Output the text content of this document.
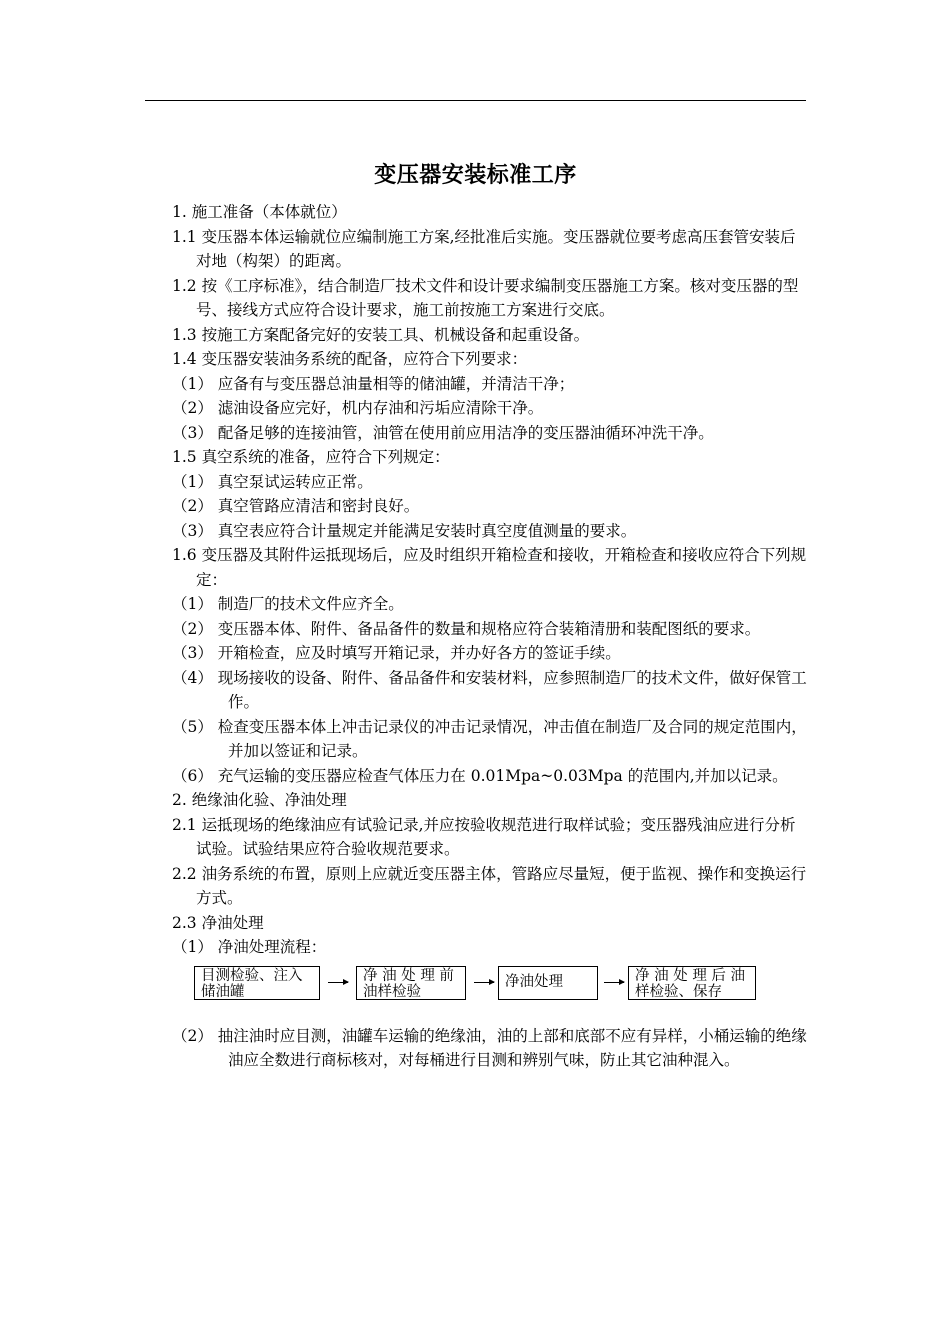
变压器安装标准工序

1. 施工准备（本体就位）

1.1 变压器本体运输就位应编制施工方案,经批准后实施。变压器就位要考虑高压套管安装后对地（构架）的距离。

1.2 按《工序标准》，结合制造厂技术文件和设计要求编制变压器施工方案。核对变压器的型号、接线方式应符合设计要求，施工前按施工方案进行交底。

1.3 按施工方案配备完好的安装工具、机械设备和起重设备。

1.4 变压器安装油务系统的配备，应符合下列要求：

（1） 应备有与变压器总油量相等的储油罐，并清洁干净；

（2） 滤油设备应完好，机内存油和污垢应清除干净。

（3） 配备足够的连接油管，油管在使用前应用洁净的变压器油循环冲洗干净。

1.5 真空系统的准备，应符合下列规定：

（1） 真空泵试运转应正常。

（2） 真空管路应清洁和密封良好。

（3） 真空表应符合计量规定并能满足安装时真空度值测量的要求。

1.6 变压器及其附件运抵现场后，应及时组织开箱检查和接收，开箱检查和接收应符合下列规定：

（1） 制造厂的技术文件应齐全。

（2） 变压器本体、附件、备品备件的数量和规格应符合装箱清册和装配图纸的要求。

（3） 开箱检查，应及时填写开箱记录，并办好各方的签证手续。

（4） 现场接收的设备、附件、备品备件和安装材料，应参照制造厂的技术文件，做好保管工作。

（5） 检查变压器本体上冲击记录仪的冲击记录情况，冲击值在制造厂及合同的规定范围内，并加以签证和记录。

（6） 充气运输的变压器应检查气体压力在 0.01Mpa~0.03Mpa 的范围内,并加以记录。

2. 绝缘油化验、净油处理

2.1 运抵现场的绝缘油应有试验记录,并应按验收规范进行取样试验；变压器残油应进行分析试验。试验结果应符合验收规范要求。

2.2 油务系统的布置，原则上应就近变压器主体，管路应尽量短，便于监视、操作和变换运行方式。

2.3 净油处理

（1） 净油处理流程：

目测检验、注入
储油罐
净 油 处 理 前
油样检验
净油处理	净 油 处 理 后 油
样检验、保存

（2） 抽注油时应目测，油罐车运输的绝缘油，油的上部和底部不应有异样，小桶运输的绝缘油应全数进行商标核对，对每桶进行目测和辨别气味，防止其它油种混入。
